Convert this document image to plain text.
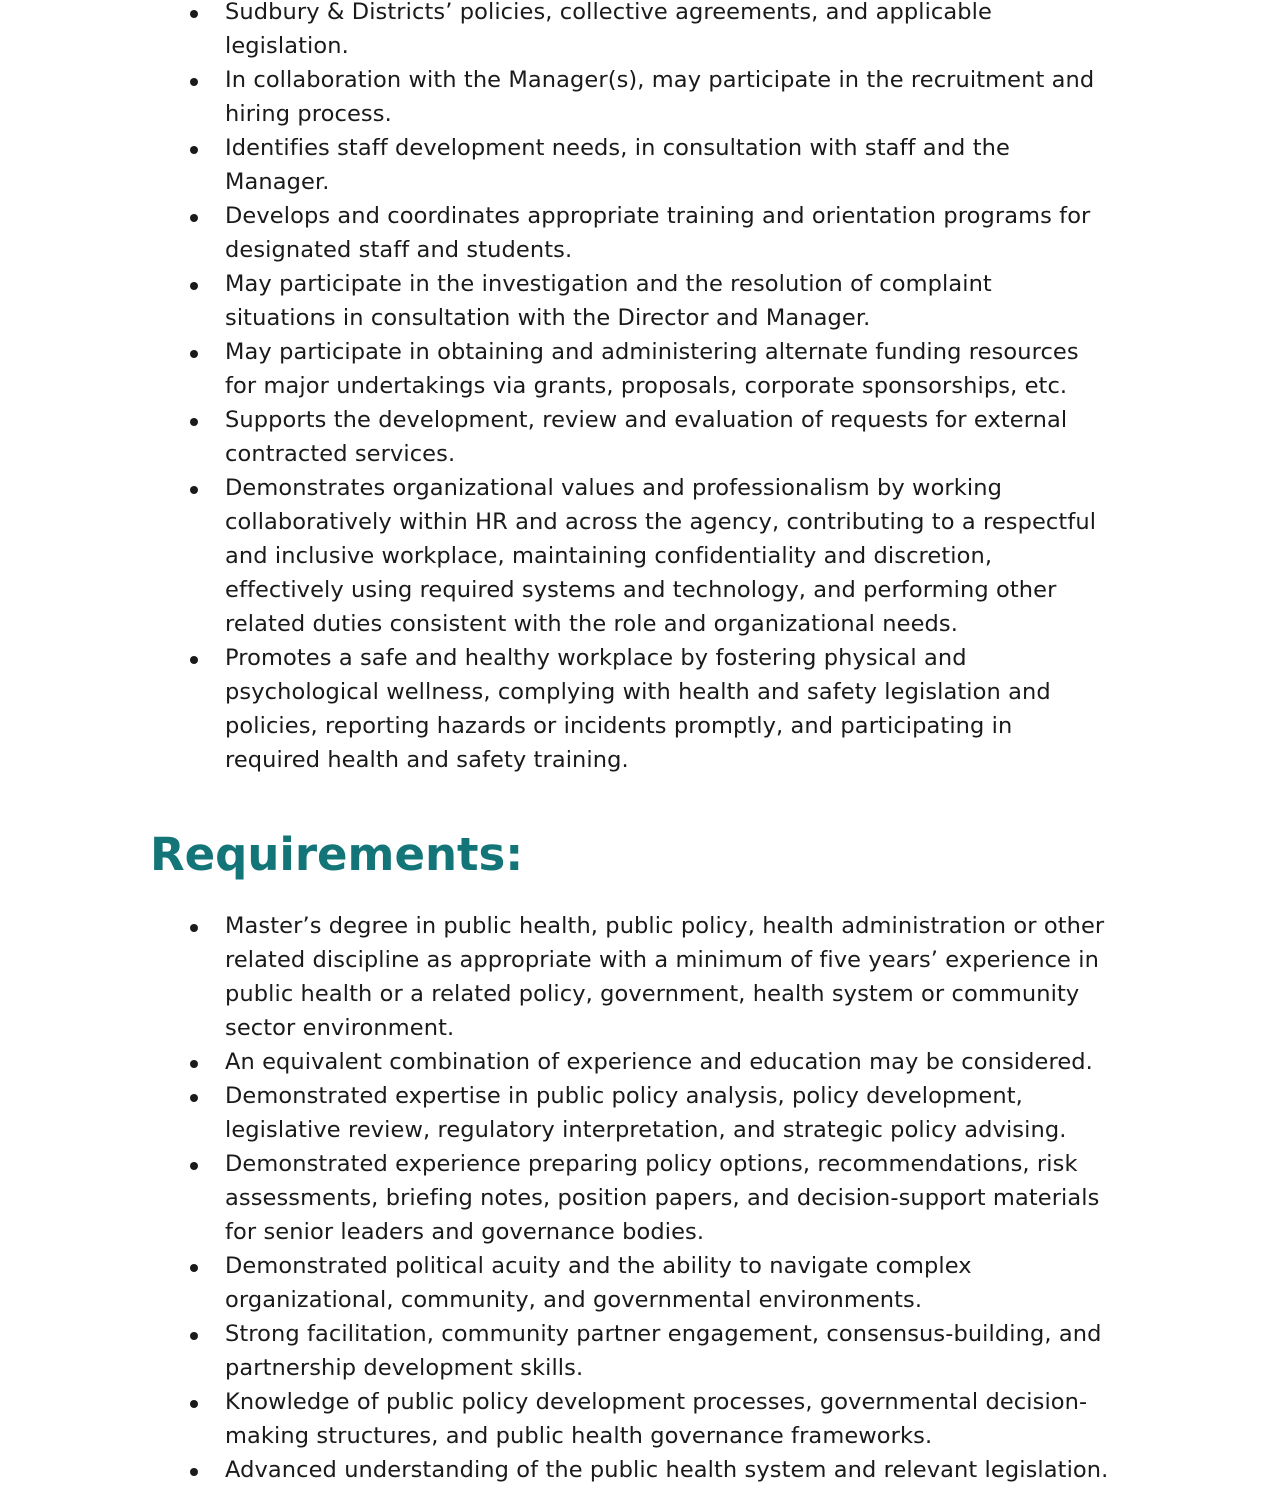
Sudbury & Districts’ policies, collective agreements, and applicable
legislation.
In collaboration with the Manager(s), may participate in the recruitment and
hiring process.
Identifies staff development needs, in consultation with staff and the
Manager.
Develops and coordinates appropriate training and orientation programs for
designated staff and students.
May participate in the investigation and the resolution of complaint
situations in consultation with the Director and Manager.
May participate in obtaining and administering alternate funding resources
for major undertakings via grants, proposals, corporate sponsorships, etc.
Supports the development, review and evaluation of requests for external
contracted services.
Demonstrates organizational values and professionalism by working
collaboratively within HR and across the agency, contributing to a respectful
and inclusive workplace, maintaining confidentiality and discretion,
effectively using required systems and technology, and performing other
related duties consistent with the role and organizational needs.
Promotes a safe and healthy workplace by fostering physical and
psychological wellness, complying with health and safety legislation and
policies, reporting hazards or incidents promptly, and participating in
required health and safety training.
Requirements:
Master’s degree in public health, public policy, health administration or other
related discipline as appropriate with a minimum of five years’ experience in
public health or a related policy, government, health system or community
sector environment.
An equivalent combination of experience and education may be considered.
Demonstrated expertise in public policy analysis, policy development,
legislative review, regulatory interpretation, and strategic policy advising.
Demonstrated experience preparing policy options, recommendations, risk
assessments, briefing notes, position papers, and decision-support materials
for senior leaders and governance bodies.
Demonstrated political acuity and the ability to navigate complex
organizational, community, and governmental environments.
Strong facilitation, community partner engagement, consensus-building, and
partnership development skills.
Knowledge of public policy development processes, governmental decision-
making structures, and public health governance frameworks.
Advanced understanding of the public health system and relevant legislation.
